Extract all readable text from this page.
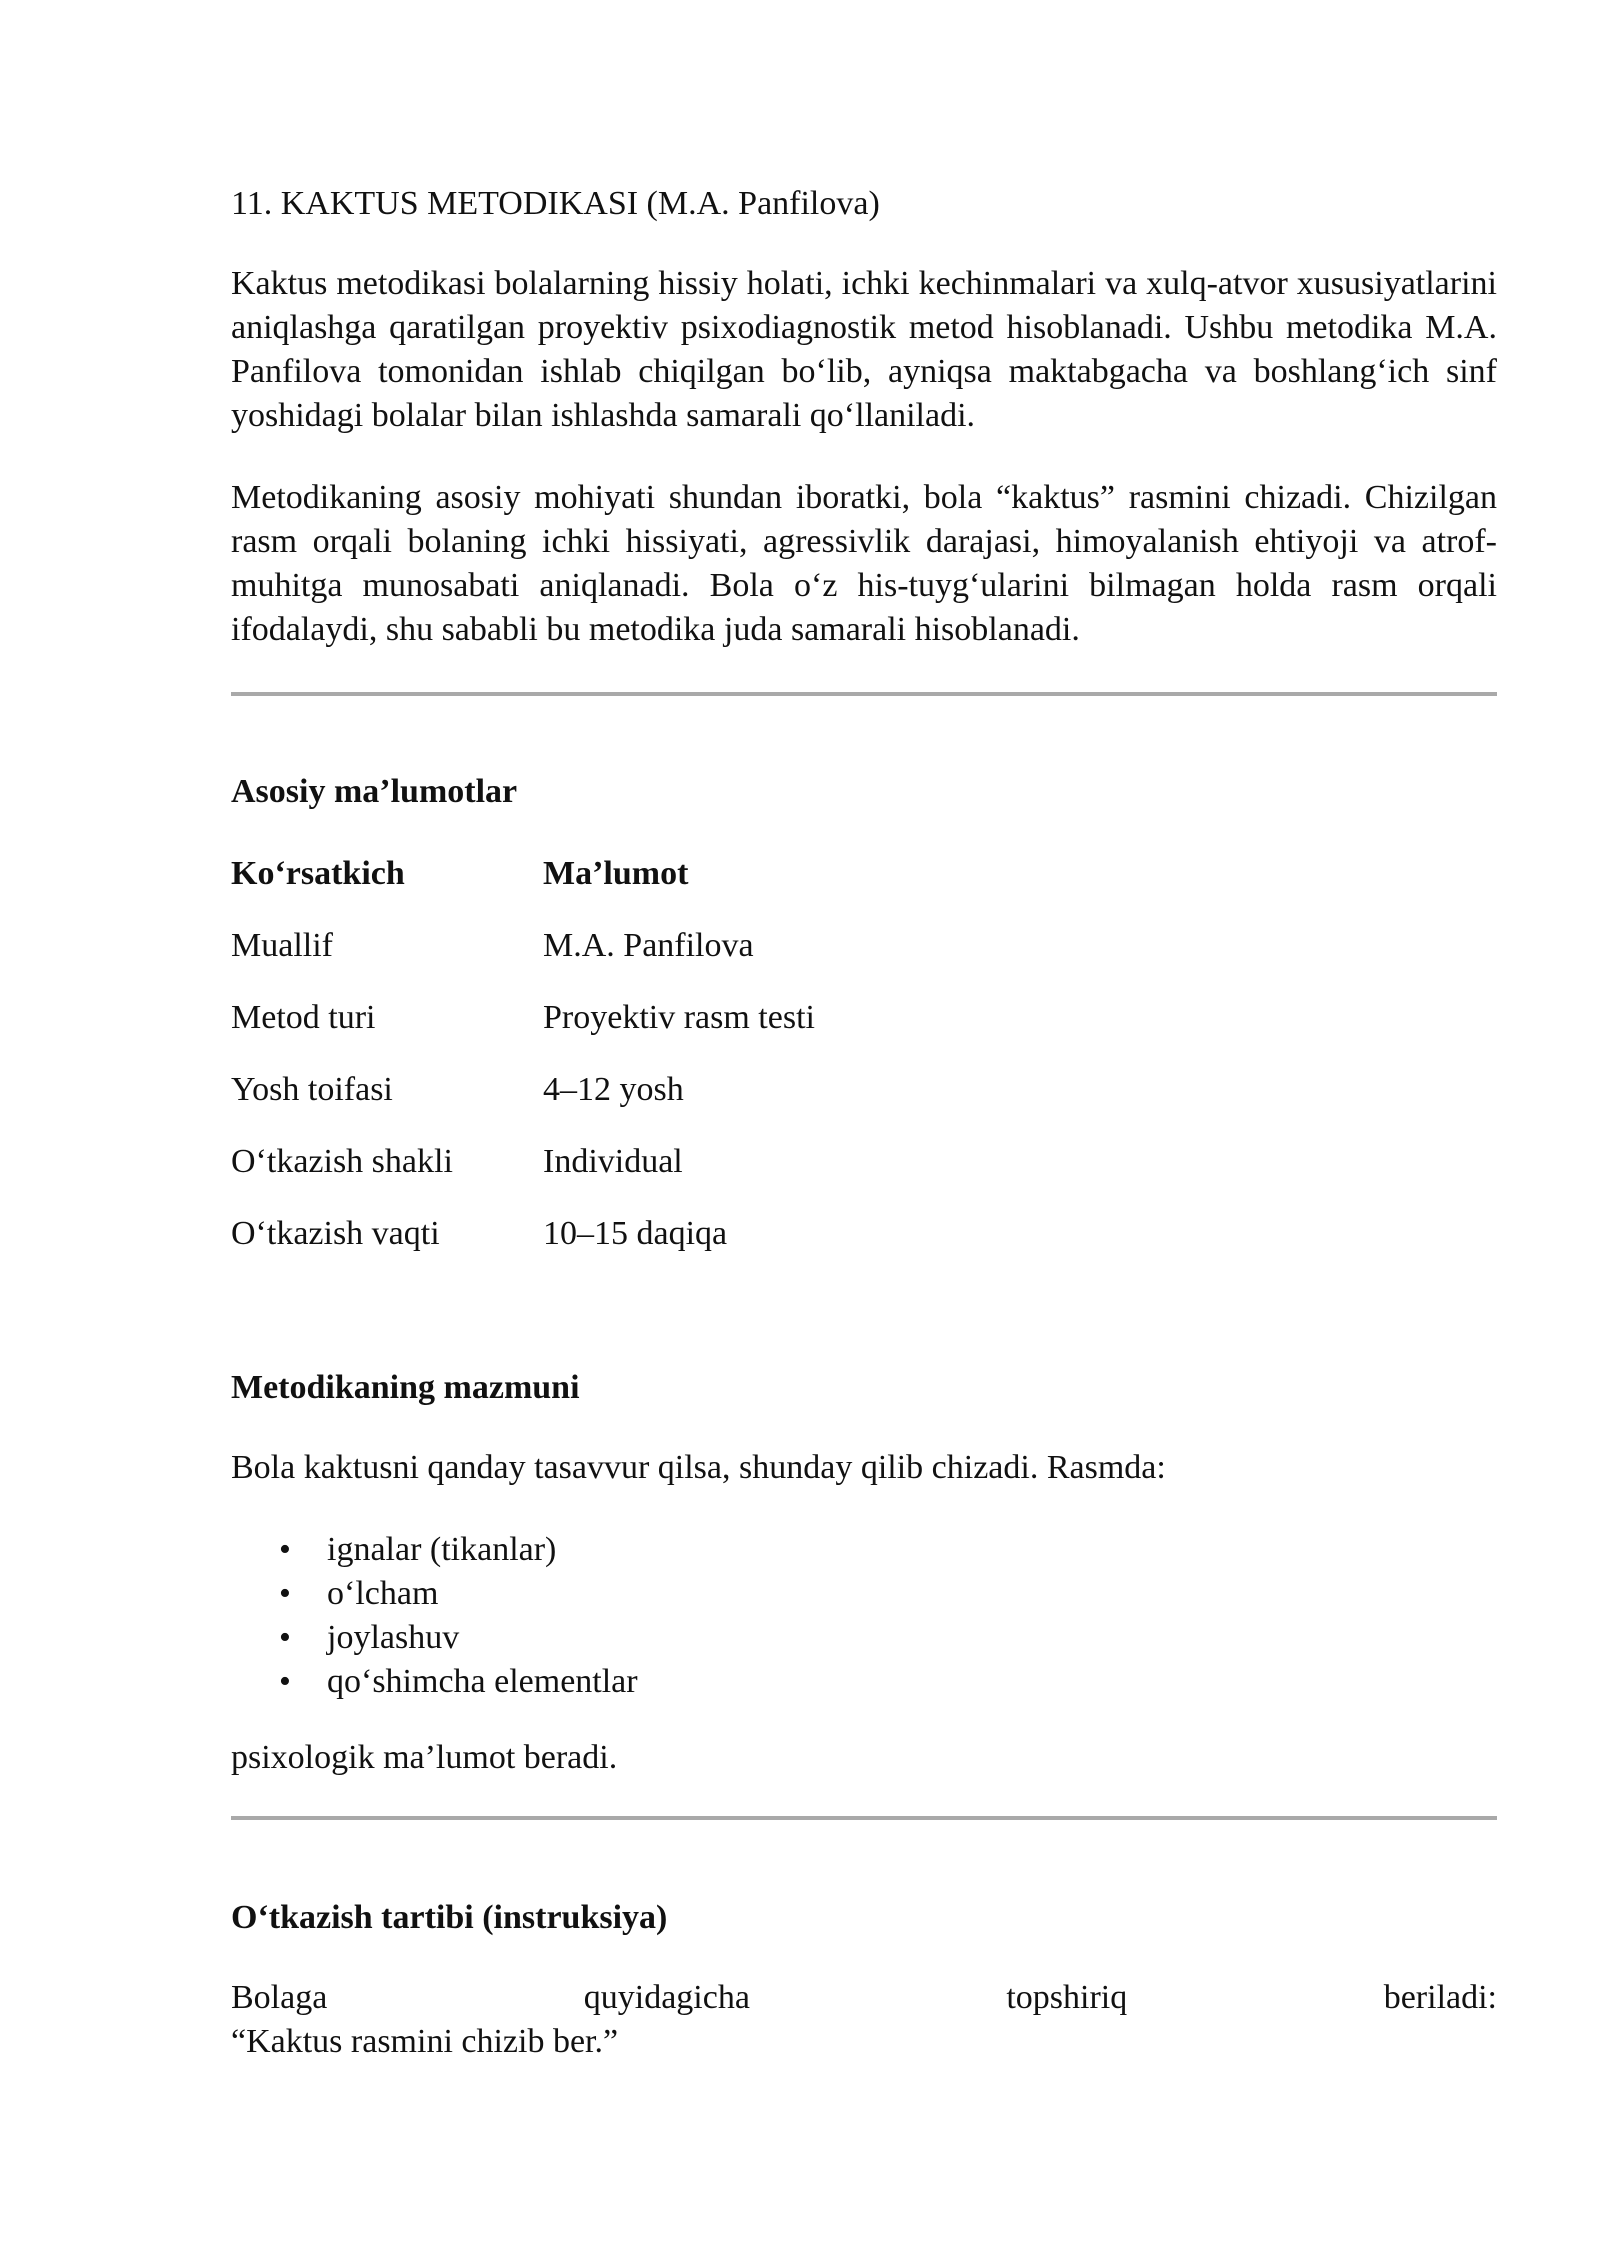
11. KAKTUS METODIKASI (M.A. Panfilova)

Kaktus metodikasi bolalarning hissiy holati, ichki kechinmalari va xulq-atvor xususiyatlarini aniqlashga qaratilgan proyektiv psixodiagnostik metod hisoblanadi. Ushbu metodika M.A. Panfilova tomonidan ishlab chiqilgan bo‘lib, ayniqsa maktabgacha va boshlang‘ich sinf yoshidagi bolalar bilan ishlashda samarali qo‘llaniladi.

Metodikaning asosiy mohiyati shundan iboratki, bola “kaktus” rasmini chizadi. Chizilgan rasm orqali bolaning ichki hissiyati, agressivlik darajasi, himoyalanish ehtiyoji va atrof-muhitga munosabati aniqlanadi. Bola o‘z his-tuyg‘ularini bilmagan holda rasm orqali ifodalaydi, shu sababli bu metodika juda samarali hisoblanadi.

Asosiy ma’lumotlar
Ko‘rsatkich	Ma’lumot
Muallif	M.A. Panfilova
Metod turi	Proyektiv rasm testi
Yosh toifasi	4–12 yosh
O‘tkazish shakli	Individual
O‘tkazish vaqti	10–15 daqiqa
Metodikaning mazmuni

Bola kaktusni qanday tasavvur qilsa, shunday qilib chizadi. Rasmda:

• ignalar (tikanlar)
• o‘lcham
• joylashuv
• qo‘shimcha elementlar

psixologik ma’lumot beradi.

O‘tkazish tartibi (instruksiya)
Bolaga	quyidagicha	topshiriq	beriladi:

“Kaktus rasmini chizib ber.”
